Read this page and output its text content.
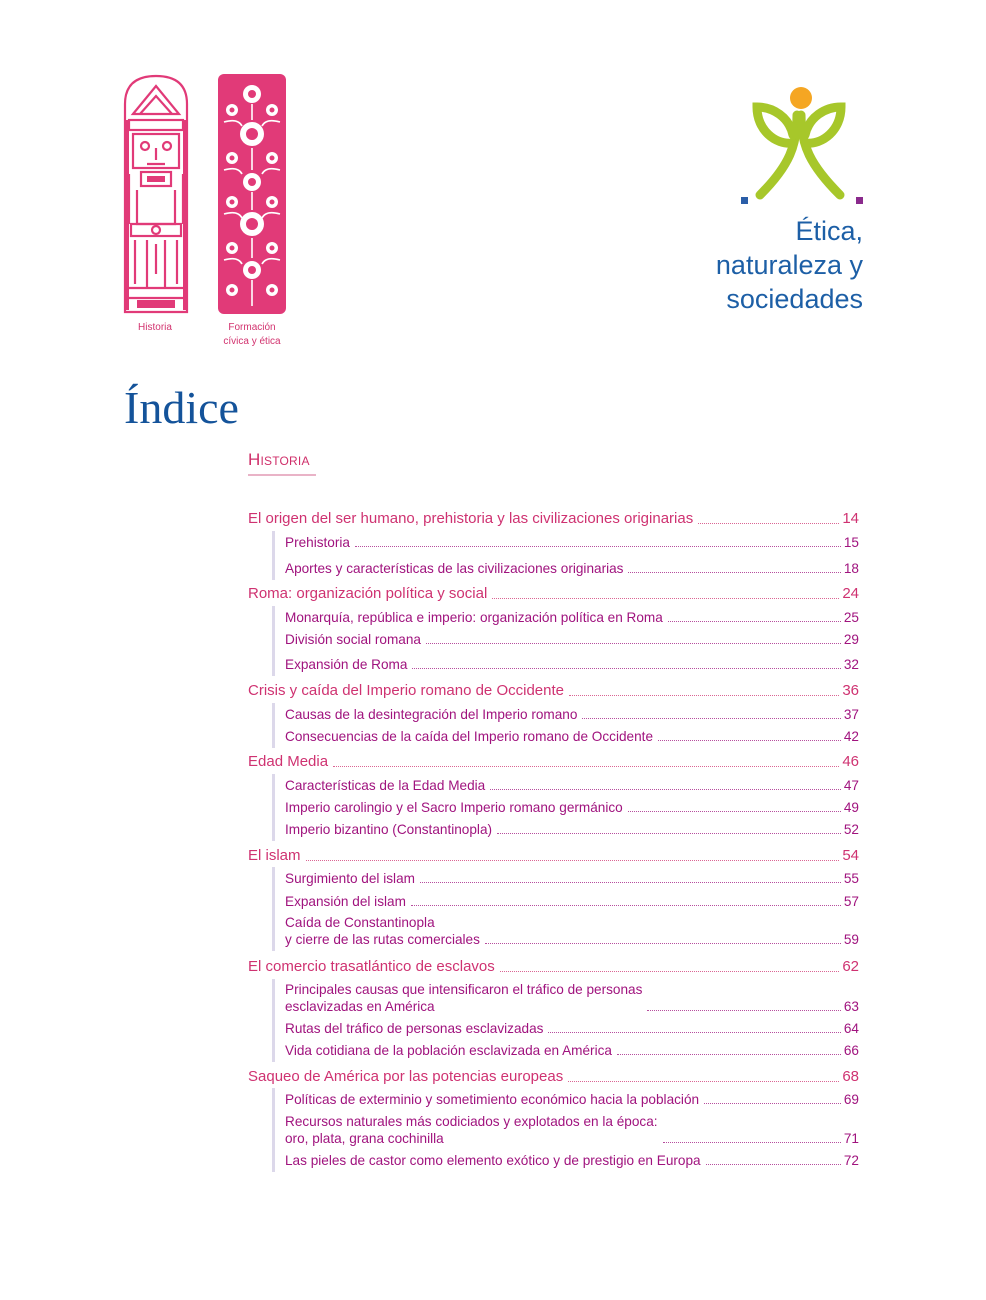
Historia	Formación
cívica y ética
Ética,
naturaleza y
sociedades
Índice
Historia
El origen del ser humano, prehistoria y las civilizaciones originarias	14
Prehistoria	15
Aportes y características de las civilizaciones originarias	18
Roma: organización política y social	24
Monarquía, república e imperio: organización política en Roma	25
División social romana	29
Expansión de Roma	32
Crisis y caída del Imperio romano de Occidente	36
Causas de la desintegración del Imperio romano	37
Consecuencias de la caída del Imperio romano de Occidente	42
Edad Media	46
Características de la Edad Media	47
Imperio carolingio y el Sacro Imperio romano germánico	49
Imperio bizantino (Constantinopla)	52
El islam	54
Surgimiento del islam	55
Expansión del islam	57
Caída de Constantinopla
y cierre de las rutas comerciales	59
El comercio trasatlántico de esclavos	62
Principales causas que intensificaron el tráfico de personas
esclavizadas en América	63
Rutas del tráfico de personas esclavizadas	64
Vida cotidiana de la población esclavizada en América	66
Saqueo de América por las potencias europeas	68
Políticas de exterminio y sometimiento económico hacia la población	69
Recursos naturales más codiciados y explotados en la época:
oro, plata, grana cochinilla	71
Las pieles de castor como elemento exótico y de prestigio en Europa	72
